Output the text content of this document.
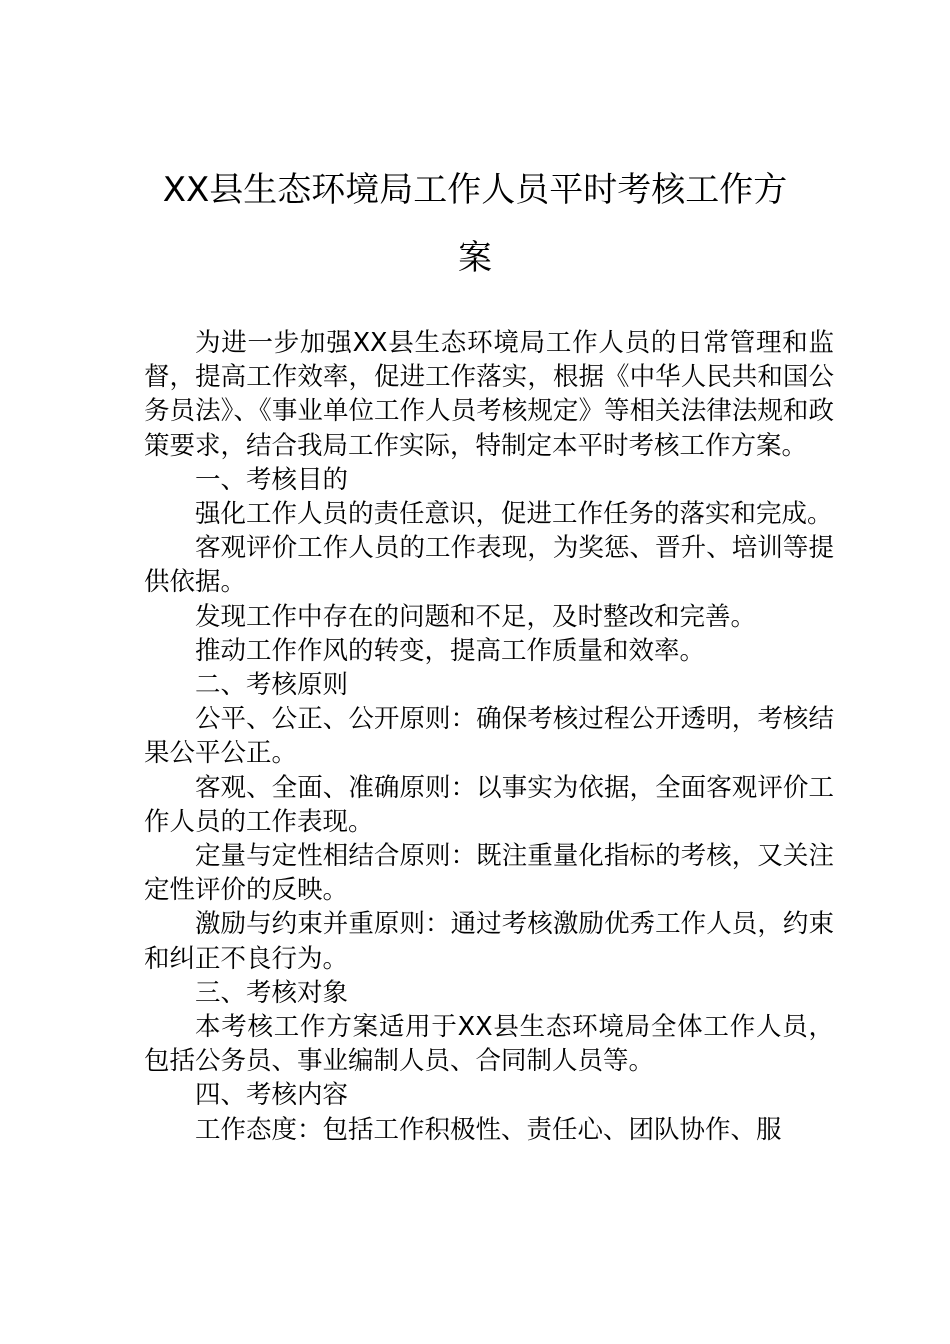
XX县生态环境局工作人员平时考核工作方
案

为进一步加强XX县生态环境局工作人员的日常管理和监督，提高工作效率，促进工作落实，根据《中华人民共和国公务员法》、《事业单位工作人员考核规定》等相关法律法规和政策要求，结合我局工作实际，特制定本平时考核工作方案。

一、考核目的

强化工作人员的责任意识，促进工作任务的落实和完成。

客观评价工作人员的工作表现，为奖惩、晋升、培训等提供依据。

发现工作中存在的问题和不足，及时整改和完善。

推动工作作风的转变，提高工作质量和效率。

二、考核原则

公平、公正、公开原则：确保考核过程公开透明，考核结果公平公正。

客观、全面、准确原则：以事实为依据，全面客观评价工作人员的工作表现。

定量与定性相结合原则：既注重量化指标的考核，又关注定性评价的反映。

激励与约束并重原则：通过考核激励优秀工作人员，约束和纠正不良行为。

三、考核对象

本考核工作方案适用于XX县生态环境局全体工作人员，包括公务员、事业编制人员、合同制人员等。

四、考核内容

工作态度：包括工作积极性、责任心、团队协作、服
